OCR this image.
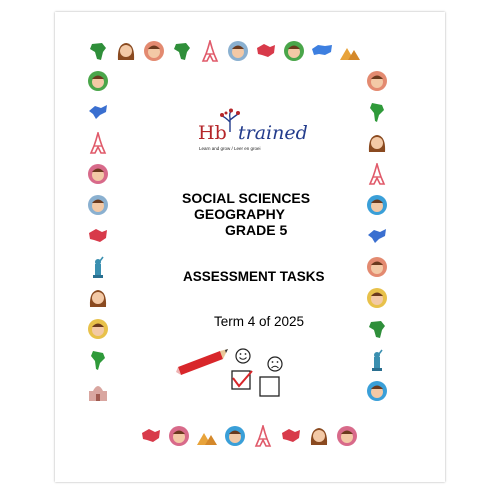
Hb trained
Learn and grow / Leer en groei
SOCIAL SCIENCES
GEOGRAPHY
GRADE 5
ASSESSMENT TASKS
Term 4 of 2025
